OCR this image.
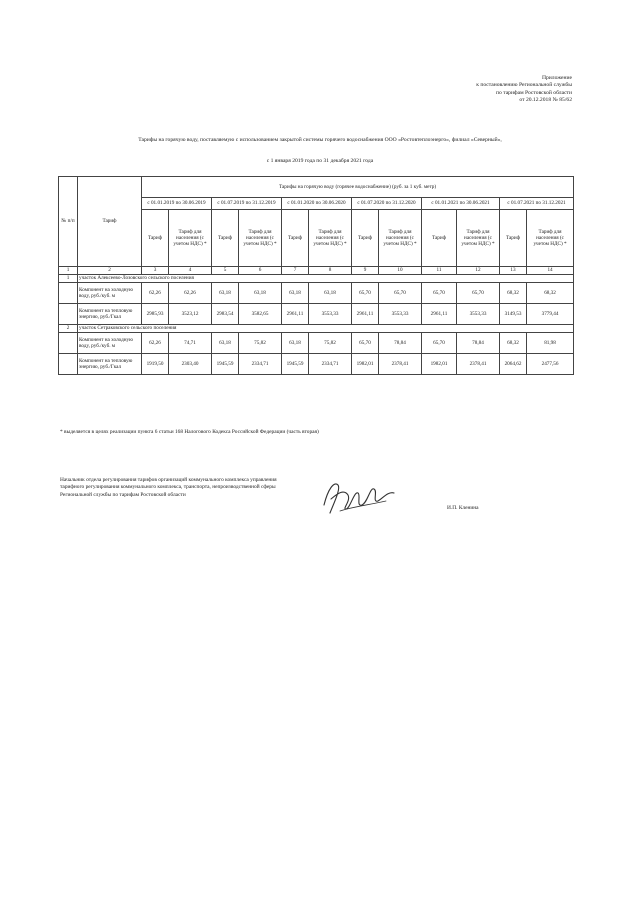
Приложение
к постановлению Региональной службы
по тарифам Ростовской области
от 20.12.2018 № 85/62
Тарифы на горячую воду, поставляемую с использованием закрытой системы горячего водоснабжения ООО «Ростовтеплоэнерго», филиал «Северный»,
с 1 января 2019 года по 31 декабря 2021 года
№ п/п	Тариф	Тарифы на горячую воду (горячее водоснабжение) (руб. за 1 куб. метр)											
		с 01.01.2019 по 30.06.2019		с 01.07.2019 по 31.12.2019		с 01.01.2020 по 30.06.2020		с 01.07.2020 по 31.12.2020		с 01.01.2021 по 30.06.2021		с 01.07.2021 по 31.12.2021	
		Тариф	Тариф для населения (с учетом НДС) *	Тариф	Тариф для населения (с учетом НДС) *	Тариф	Тариф для населения (с учетом НДС) *	Тариф	Тариф для населения (с учетом НДС) *	Тариф	Тариф для населения (с учетом НДС) *	Тариф	Тариф для населения (с учетом НДС) *
1	2	3	4	5	6	7	8	9	10	11	12	13	14
1	участок Алексеево-Лозовского сельского поселения												
	Компонент на холодную воду, руб./куб. м	62,26	62,26	63,18	63,18	63,18	63,18	65,70	65,70	65,70	65,70	68,32	68,32
	Компонент на тепловую энергию, руб./Гкал	2985,93	3523,12	2983,54	3582,65	2961,11	3553,33	2961,11	3553,33	2961,11	3553,33	3149,53	3779,44
2	участок Сетраковского сельского поселения												
	Компонент на холодную воду, руб./куб. м	62,26	74,71	63,18	75,82	63,18	75,82	65,70	78,84	65,70	78,84	68,32	81,98
	Компонент на тепловую энергию, руб./Гкал	1919,50	2303,40	1945,59	2334,71	1945,59	2334,71	1982,01	2378,41	1982,01	2378,41	2064,62	2477,56
* выделяется в целях реализации пункта 6 статьи 168 Налогового Кодекса Российской Федерации (часть вторая)
Начальник отдела регулирования тарифов организаций коммунального комплекса управления тарифного регулирования коммунального комплекса, транспорта, непроизводственной сферы Региональной службы по тарифам Ростовской области
И.П. Кленина
